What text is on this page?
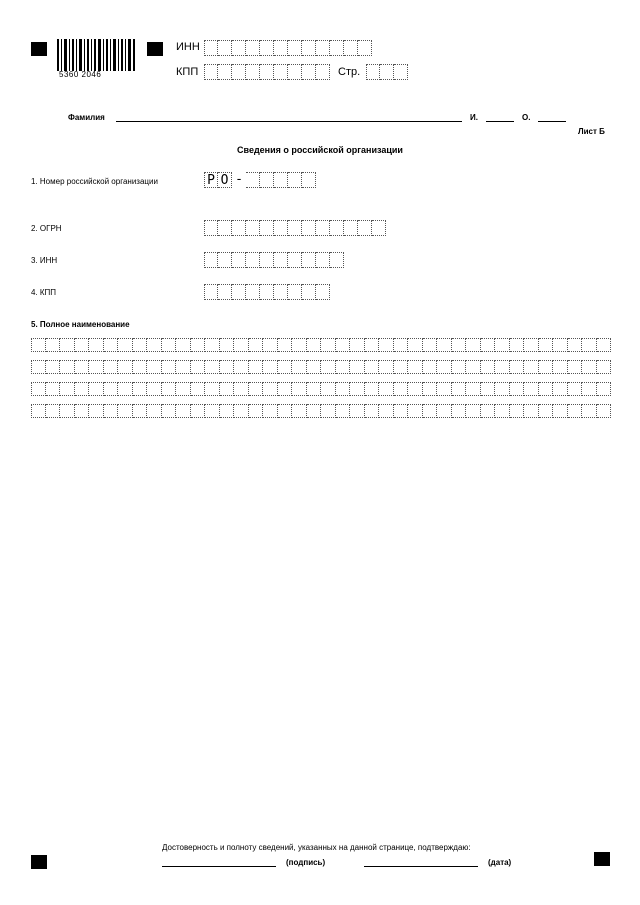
5360 2046
ИНН
КПП	Стр.
Фамилия	И.	О.
Лист Б
Сведения о российской организации
1. Номер российской организации	Р О -
2. ОГРН
3. ИНН
4. КПП
5. Полное наименование
Достоверность и полноту сведений, указанных на данной странице, подтверждаю:
(подпись)	(дата)
